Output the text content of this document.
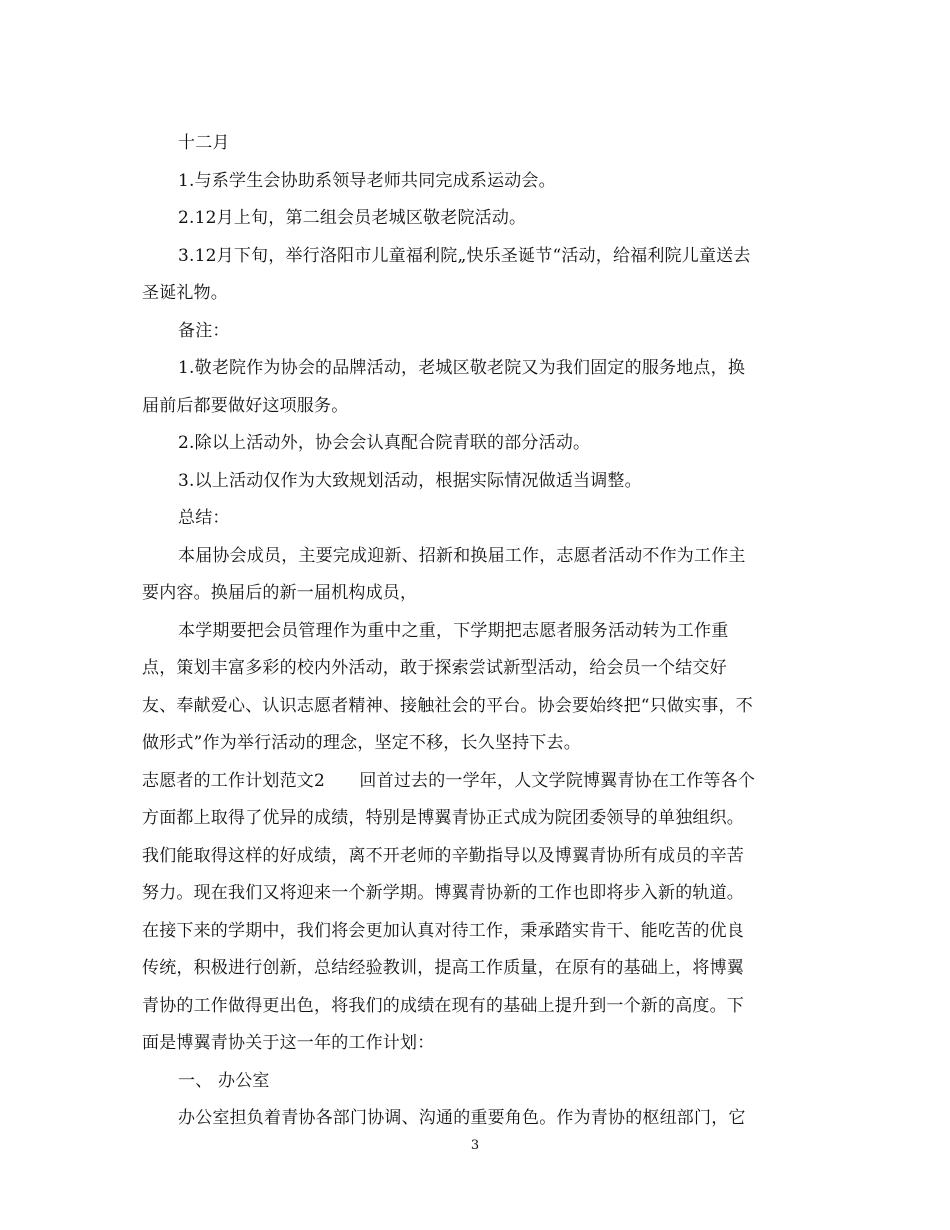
十二月
1.与系学生会协助系领导老师共同完成系运动会。
2.12月上旬，第二组会员老城区敬老院活动。
3.12月下旬，举行洛阳市儿童福利院„快乐圣诞节“活动，给福利院儿童送去
圣诞礼物。
备注：
1.敬老院作为协会的品牌活动，老城区敬老院又为我们固定的服务地点，换
届前后都要做好这项服务。
2.除以上活动外，协会会认真配合院青联的部分活动。
3.以上活动仅作为大致规划活动，根据实际情况做适当调整。
总结：
本届协会成员，主要完成迎新、招新和换届工作，志愿者活动不作为工作主
要内容。换届后的新一届机构成员，
本学期要把会员管理作为重中之重，下学期把志愿者服务活动转为工作重
点，策划丰富多彩的校内外活动，敢于探索尝试新型活动，给会员一个结交好
友、奉献爱心、认识志愿者精神、接触社会的平台。协会要始终把“只做实事，不
做形式”作为举行活动的理念，坚定不移，长久坚持下去。
志愿者的工作计划范文2　　回首过去的一学年，人文学院博翼青协在工作等各个
方面都上取得了优异的成绩，特别是博翼青协正式成为院团委领导的单独组织。
我们能取得这样的好成绩，离不开老师的辛勤指导以及博翼青协所有成员的辛苦
努力。现在我们又将迎来一个新学期。博翼青协新的工作也即将步入新的轨道。
在接下来的学期中，我们将会更加认真对待工作，秉承踏实肯干、能吃苦的优良
传统，积极进行创新，总结经验教训，提高工作质量，在原有的基础上，将博翼
青协的工作做得更出色，将我们的成绩在现有的基础上提升到一个新的高度。下
面是博翼青协关于这一年的工作计划：
一、 办公室
办公室担负着青协各部门协调、沟通的重要角色。作为青协的枢纽部门，它
3
